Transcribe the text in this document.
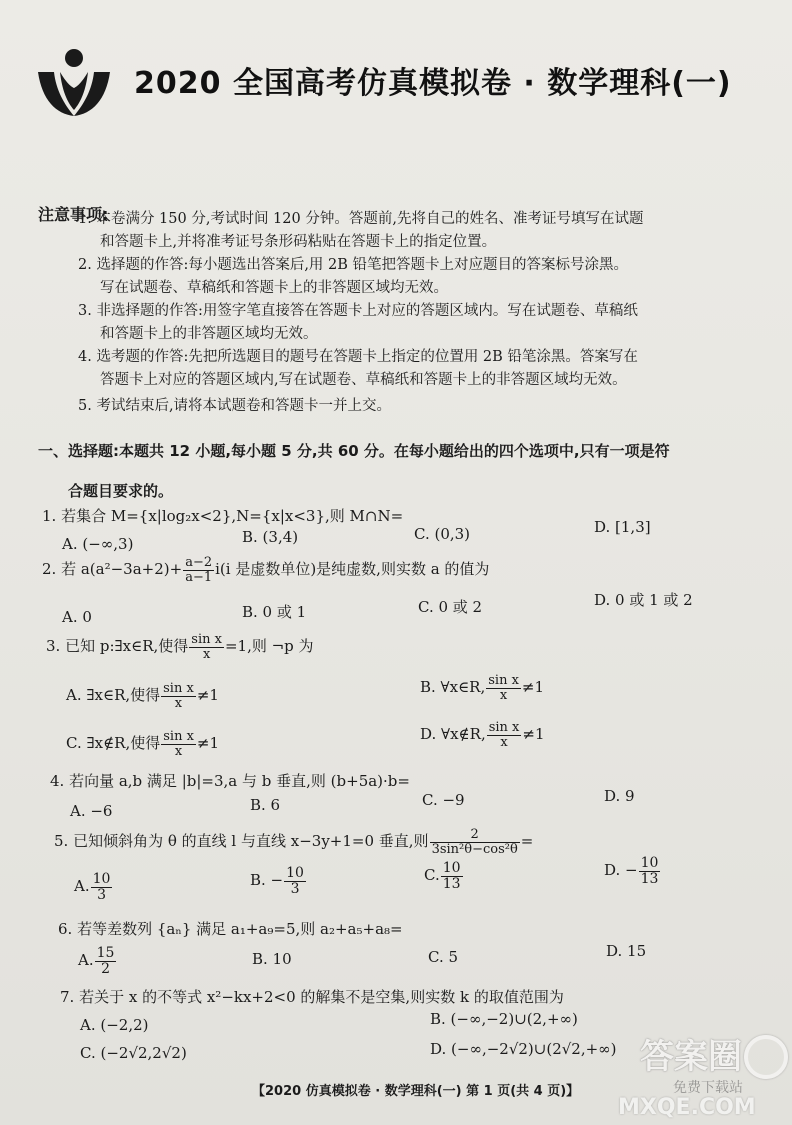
2020 全国高考仿真模拟卷 · 数学理科(一)
注意事项:
1. 本卷满分 150 分,考试时间 120 分钟。答题前,先将自己的姓名、准考证号填写在试题
和答题卡上,并将准考证号条形码粘贴在答题卡上的指定位置。
2. 选择题的作答:每小题选出答案后,用 2B 铅笔把答题卡上对应题目的答案标号涂黑。
写在试题卷、草稿纸和答题卡上的非答题区域均无效。
3. 非选择题的作答:用签字笔直接答在答题卡上对应的答题区域内。写在试题卷、草稿纸
和答题卡上的非答题区域均无效。
4. 选考题的作答:先把所选题目的题号在答题卡上指定的位置用 2B 铅笔涂黑。答案写在
答题卡上对应的答题区域内,写在试题卷、草稿纸和答题卡上的非答题区域均无效。
5. 考试结束后,请将本试题卷和答题卡一并上交。
一、选择题:本题共 12 小题,每小题 5 分,共 60 分。在每小题给出的四个选项中,只有一项是符
合题目要求的。
1. 若集合 M={x|log₂x<2},N={x|x<3},则 M∩N=
A. (−∞,3)	B. (3,4)	C. (0,3)	D. [1,3]
2. 若 $a(a^2-3a+2)+ \frac{a-2}{a-1} i(i$ 是虚数单位)是纯虚数,则实数 a 的值为
A. 0	B. 0 或 1	C. 0 或 2	D. 0 或 1 或 2
3. 已知 p:∃x∈R,使得 $\frac{\text{sin x}}{x} =1$,则 ¬p 为
A. ∃x∈R,使得 $\frac{\text{sin x}}{x} \ne 1$	B. ∀x∈R, $\frac{\text{sin x}}{x} \ne 1$
C. ∃x∉R,使得 $\frac{\text{sin x}}{x} \ne 1$	D. ∀x∉R, $\frac{\text{sin x}}{x} \ne 1$
4. 若向量 a,b 满足 |b|=3,a 与 b 垂直,则 (b+5a)·b=
A. −6	B. 6	C. −9	D. 9
5. 已知倾斜角为 θ 的直线 l 与直线 x−3y+1=0 垂直,则 $\frac{2}{\text{3sin²θ−cos²θ}}$ =
A. $\frac{10}{3}$	B. − $\frac{10}{3}$	C. $\frac{10}{13}$	D. − $\frac{10}{13}$
6. 若等差数列 {aₙ} 满足 a₁+a₉=5,则 a₂+a₅+a₈=
A. $\frac{15}{2}$	B. 10	C. 5	D. 15
7. 若关于 x 的不等式 x²−kx+2<0 的解集不是空集,则实数 k 的取值范围为
A. (−2,2)	B. (−∞,−2)∪(2,+∞)
C. (−2√2,2√2)	D. (−∞,−2√2)∪(2√2,+∞)
【2020 仿真模拟卷 · 数学理科(一) 第 1 页(共 4 页)】
答案圈
免费下载站
MXQE.COM
